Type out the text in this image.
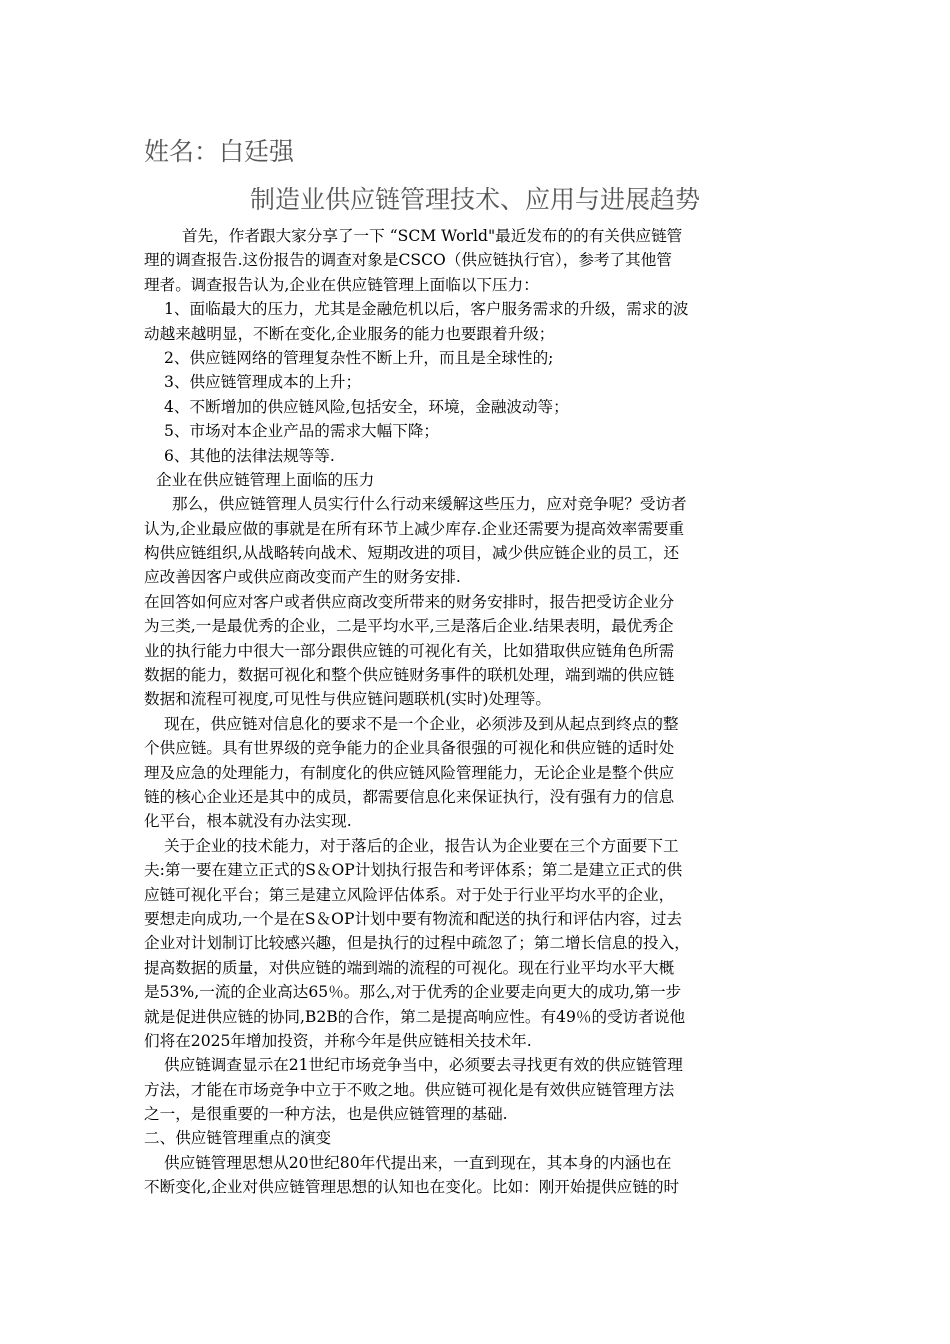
姓名：白廷强
制造业供应链管理技术、应用与进展趋势
首先，作者跟大家分享了一下 “SCM World"最近发布的的有关供应链管
理的调查报告.这份报告的调查对象是CSCO（供应链执行官），参考了其他管
理者。调查报告认为,企业在供应链管理上面临以下压力：
1、面临最大的压力，尤其是金融危机以后，客户服务需求的升级，需求的波
动越来越明显，不断在变化,企业服务的能力也要跟着升级；
2、供应链网络的管理复杂性不断上升，而且是全球性的;
3、供应链管理成本的上升；
4、不断增加的供应链风险,包括安全，环境，金融波动等；
5、市场对本企业产品的需求大幅下降；
6、其他的法律法规等等.
企业在供应链管理上面临的压力
那么，供应链管理人员实行什么行动来缓解这些压力，应对竞争呢？受访者
认为,企业最应做的事就是在所有环节上减少库存.企业还需要为提高效率需要重
构供应链组织,从战略转向战术、短期改进的项目，减少供应链企业的员工，还
应改善因客户或供应商改变而产生的财务安排.
在回答如何应对客户或者供应商改变所带来的财务安排时，报告把受访企业分
为三类,一是最优秀的企业，二是平均水平,三是落后企业.结果表明，最优秀企
业的执行能力中很大一部分跟供应链的可视化有关，比如猎取供应链角色所需
数据的能力，数据可视化和整个供应链财务事件的联机处理，端到端的供应链
数据和流程可视度,可见性与供应链问题联机(实时)处理等。
现在，供应链对信息化的要求不是一个企业，必须涉及到从起点到终点的整
个供应链。具有世界级的竞争能力的企业具备很强的可视化和供应链的适时处
理及应急的处理能力，有制度化的供应链风险管理能力，无论企业是整个供应
链的核心企业还是其中的成员，都需要信息化来保证执行，没有强有力的信息
化平台，根本就没有办法实现.
关于企业的技术能力，对于落后的企业，报告认为企业要在三个方面要下工
夫:第一要在建立正式的S＆OP计划执行报告和考评体系；第二是建立正式的供
应链可视化平台；第三是建立风险评估体系。对于处于行业平均水平的企业，
要想走向成功,一个是在S＆OP计划中要有物流和配送的执行和评估内容，过去
企业对计划制订比较感兴趣，但是执行的过程中疏忽了；第二增长信息的投入，
提高数据的质量，对供应链的端到端的流程的可视化。现在行业平均水平大概
是53%,一流的企业高达65％。那么,对于优秀的企业要走向更大的成功,第一步
就是促进供应链的协同,B2B的合作，第二是提高响应性。有49％的受访者说他
们将在2025年增加投资，并称今年是供应链相关技术年.
供应链调查显示在21世纪市场竞争当中，必须要去寻找更有效的供应链管理
方法，才能在市场竞争中立于不败之地。供应链可视化是有效供应链管理方法
之一，是很重要的一种方法，也是供应链管理的基础.
二、供应链管理重点的演变
供应链管理思想从20世纪80年代提出来，一直到现在，其本身的内涵也在
不断变化,企业对供应链管理思想的认知也在变化。比如：刚开始提供应链的时
